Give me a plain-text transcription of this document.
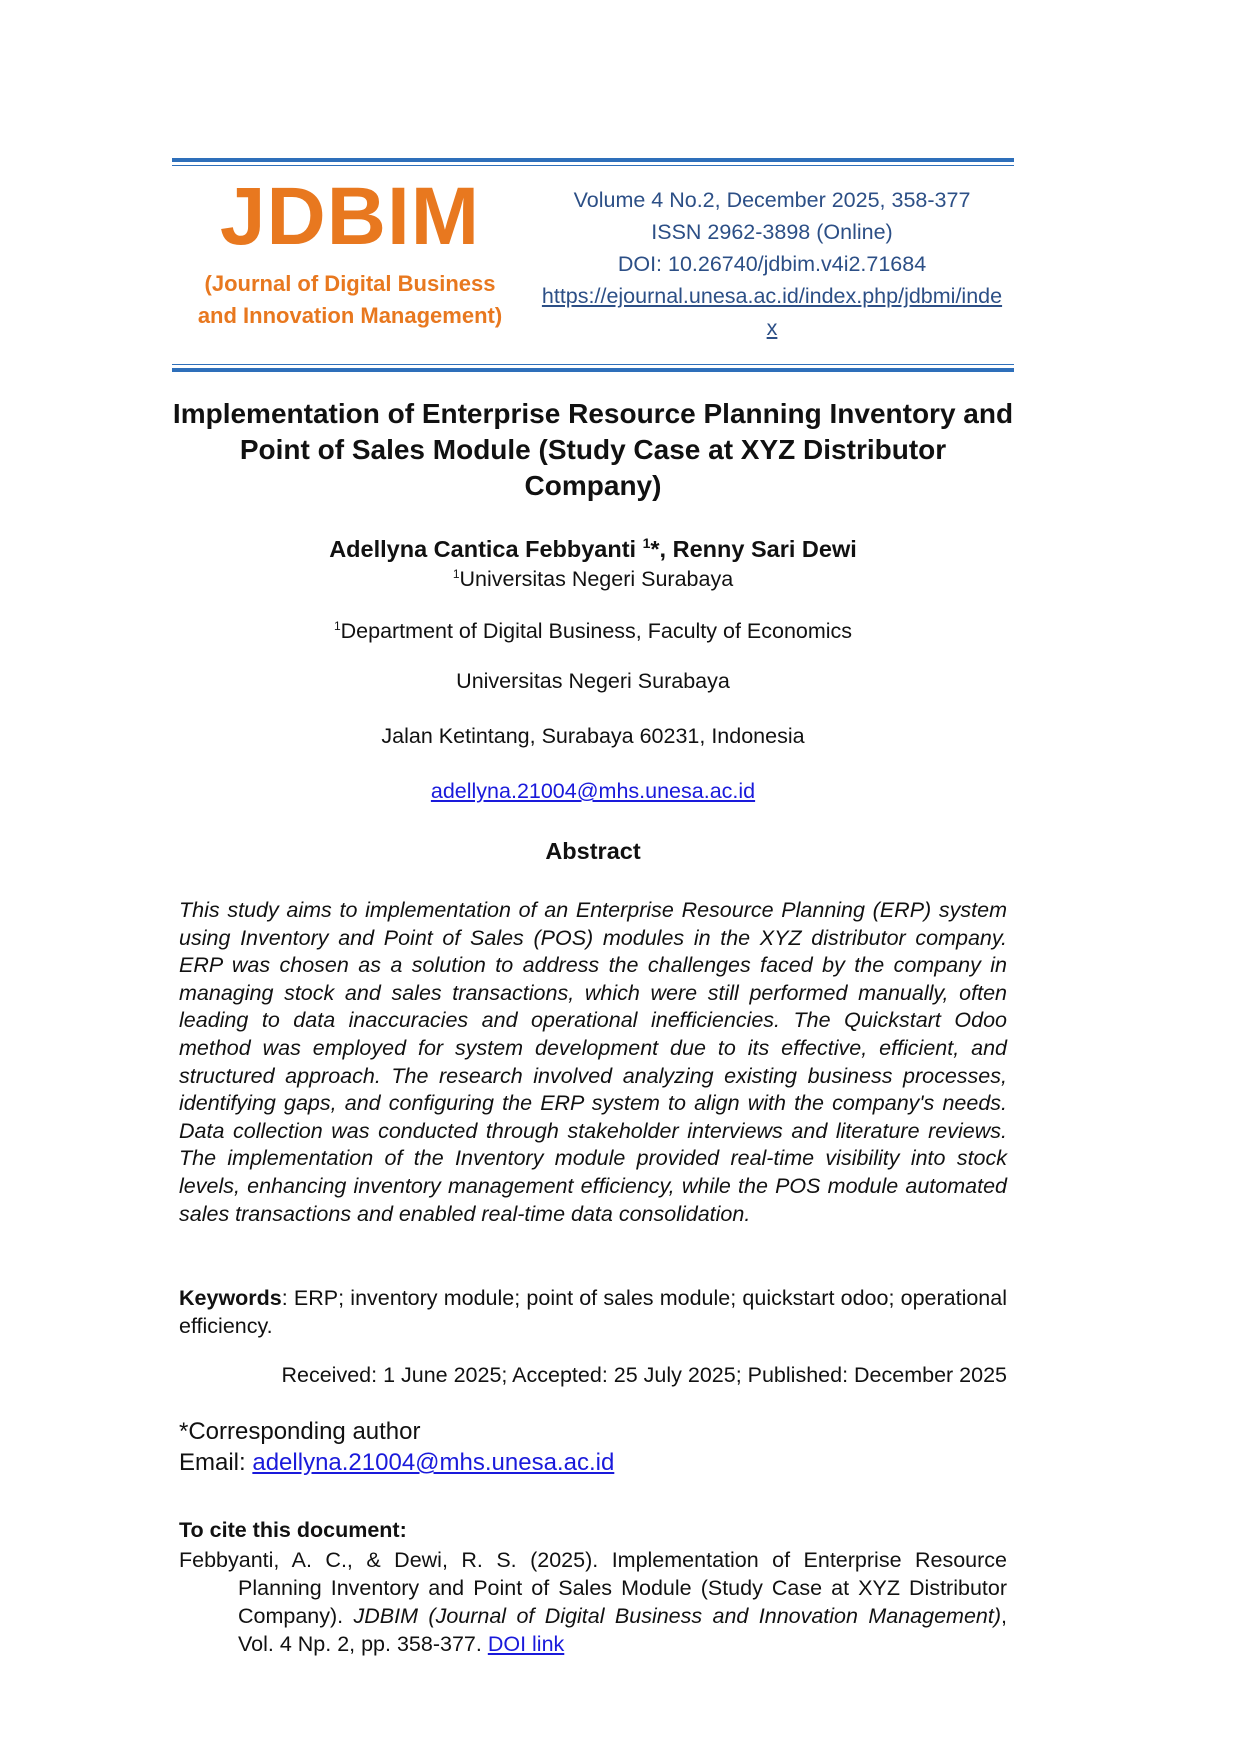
JDBIM
(Journal of Digital Business
and Innovation Management)
Volume 4 No.2, December 2025, 358-377
ISSN 2962-3898 (Online)
DOI: 10.26740/jdbim.v4i2.71684
https://ejournal.unesa.ac.id/index.php/jdbmi/index
Implementation of Enterprise Resource Planning Inventory and Point of Sales Module (Study Case at XYZ Distributor Company)
Adellyna Cantica Febbyanti $^1$*, Renny Sari Dewi
$^1$Universitas Negeri Surabaya
$^1$Department of Digital Business, Faculty of Economics
Universitas Negeri Surabaya
Jalan Ketintang, Surabaya 60231, Indonesia
adellyna.21004@mhs.unesa.ac.id
Abstract

This study aims to implementation of an Enterprise Resource Planning (ERP) system using Inventory and Point of Sales (POS) modules in the XYZ distributor company. ERP was chosen as a solution to address the challenges faced by the company in managing stock and sales transactions, which were still performed manually, often leading to data inaccuracies and operational inefficiencies. The Quickstart Odoo method was employed for system development due to its effective, efficient, and structured approach. The research involved analyzing existing business processes, identifying gaps, and configuring the ERP system to align with the company's needs. Data collection was conducted through stakeholder interviews and literature reviews. The implementation of the Inventory module provided real-time visibility into stock levels, enhancing inventory management efficiency, while the POS module automated sales transactions and enabled real-time data consolidation.

Keywords: ERP; inventory module; point of sales module; quickstart odoo; operational efficiency.

Received: 1 June 2025; Accepted: 25 July 2025; Published: December 2025
*Corresponding author
Email: adellyna.21004@mhs.unesa.ac.id
To cite this document:

Febbyanti, A. C., & Dewi, R. S. (2025). Implementation of Enterprise Resource Planning Inventory and Point of Sales Module (Study Case at XYZ Distributor Company). JDBIM (Journal of Digital Business and Innovation Management), Vol. 4 Np. 2, pp. 358-377. DOI link
